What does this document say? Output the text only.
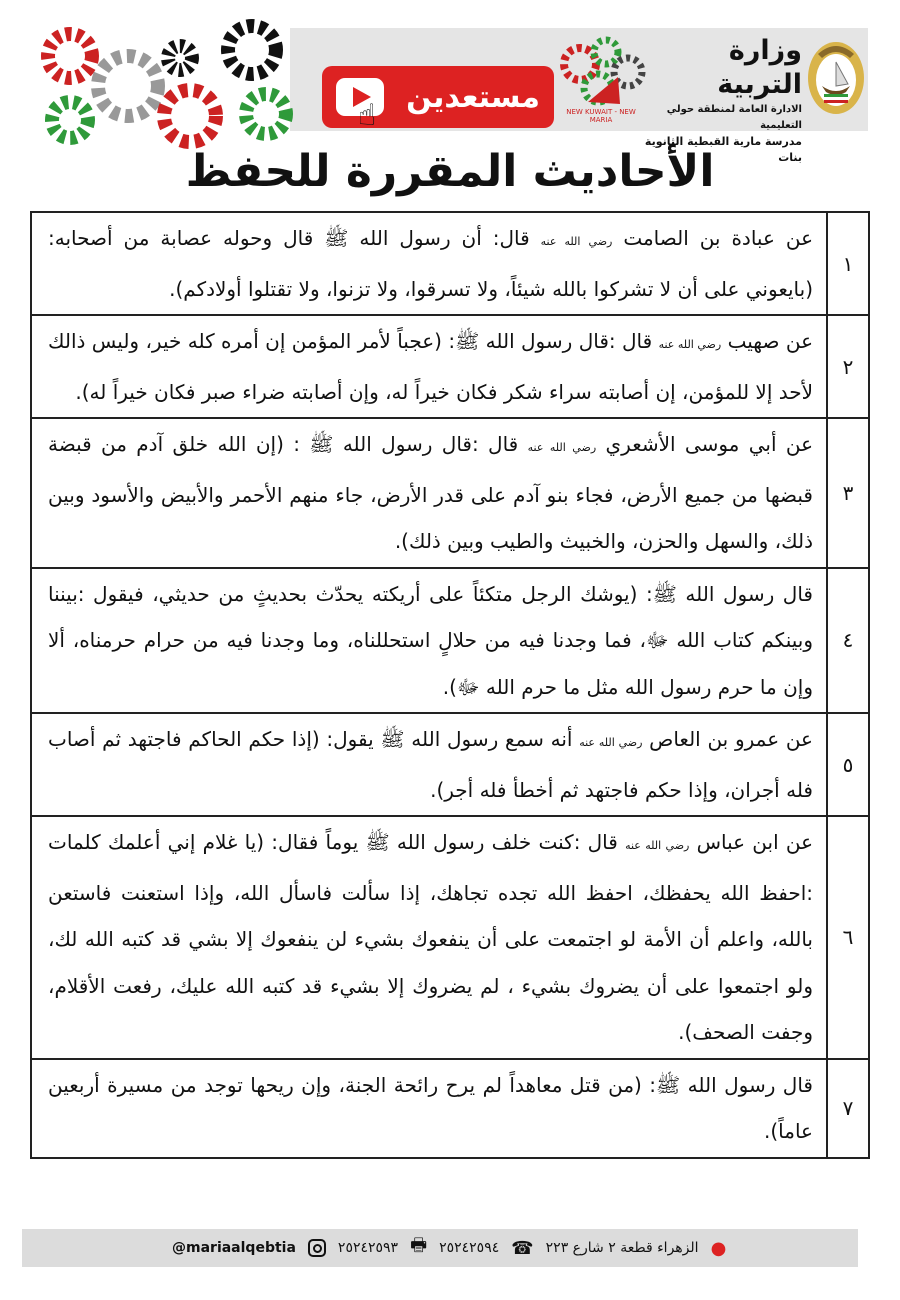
مستعدين
☝	NEW KUWAIT - NEW MARIA
وزارة التربية
الادارة العامة لمنطقة حولي التعليمية
مدرسة مارية القبطية الثانوية بنات
الأحاديث المقررة للحفظ
١	عن عبادة بن الصامت رضي الله عنه قال: أن رسول الله ﷺ قال وحوله عصابة من أصحابه: (بايعوني على أن لا تشركوا بالله شيئاً، ولا تسرقوا، ولا تزنوا، ولا تقتلوا أولادكم).
٢	عن صهيب رضي الله عنه قال :قال رسول الله ﷺ: (عجباً لأمر المؤمن إن أمره كله خير، وليس ذالك لأحد إلا للمؤمن، إن أصابته سراء شكر فكان خيراً له، وإن أصابته ضراء صبر فكان خيراً له).
٣	عن أبي موسى الأشعري رضي الله عنه قال :قال رسول الله ﷺ : (إن الله خلق آدم من قبضة قبضها من جميع الأرض، فجاء بنو آدم على قدر الأرض، جاء منهم الأحمر والأبيض والأسود وبين ذلك، والسهل والحزن، والخبيث والطيب وبين ذلك).
٤	قال رسول الله ﷺ: (يوشك الرجل متكئاً على أريكته يحدّث بحديثٍ من حديثي، فيقول :بيننا وبينكم كتاب الله ﷻ، فما وجدنا فيه من حلالٍ استحللناه، وما وجدنا فيه من حرام حرمناه، ألا وإن ما حرم رسول الله مثل ما حرم الله ﷻ).
٥	عن عمرو بن العاص رضي الله عنه أنه سمع رسول الله ﷺ يقول: (إذا حكم الحاكم فاجتهد ثم أصاب فله أجران، وإذا حكم فاجتهد ثم أخطأ فله أجر).
٦	عن ابن عباس رضي الله عنه قال :كنت خلف رسول الله ﷺ يوماً فقال: (يا غلام إني أعلمك كلمات :احفظ الله يحفظك، احفظ الله تجده تجاهك، إذا سألت فاسأل الله، وإذا استعنت فاستعن بالله، واعلم أن الأمة لو اجتمعت على أن ينفعوك بشيء لن ينفعوك إلا بشي قد كتبه الله لك، ولو اجتمعوا على أن يضروك بشيء ، لم يضروك إلا بشيء قد كتبه الله عليك، رفعت الأقلام، وجفت الصحف).
٧	قال رسول الله ﷺ: (من قتل معاهداً لم يرح رائحة الجنة، وإن ريحها توجد من مسيرة أربعين عاماً).
@mariaalqebtia	٢٥٢٤٢٥٩٣ 🖶 ٢٥٢٤٢٥٩٤ ☎ الزهراء قطعة ٢ شارع ٢٢٣ ●
